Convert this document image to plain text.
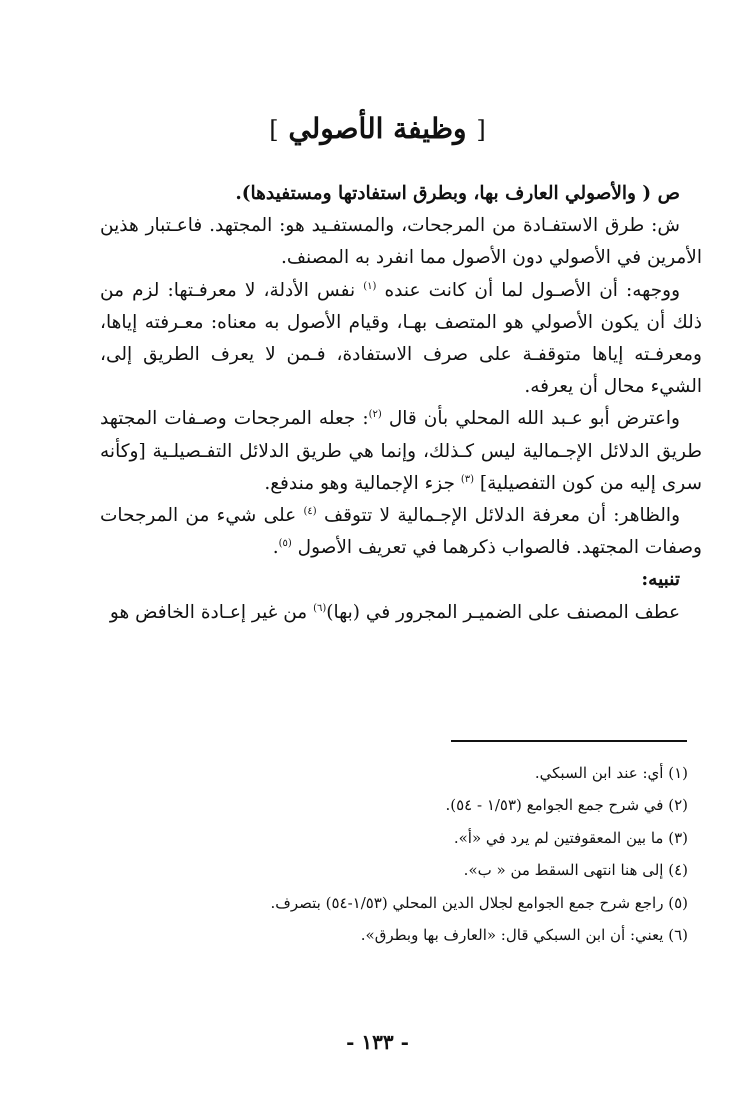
[ وظيفة الأصولي ]

ص ( والأصولي العارف بها، وبطرق استفادتها ومستفيدها).

ش: طرق الاستفـادة من المرجحات، والمستفـيد هو: المجتهد. فاعـتبار هذين الأمرين في الأصولي دون الأصول مما انفرد به المصنف.

ووجهه: أن الأصـول لما أن كانت عنده $^{(١)}$ نفس الأدلة، لا معرفـتها: لزم من ذلك أن يكون الأصولي هو المتصف بهـا، وقيام الأصول به معناه: معـرفته إياها، ومعرفـته إياها متوقفـة على صرف الاستفادة، فـمن لا يعرف الطريق إلى، الشيء محال أن يعرفه.

واعترض أبو عـبد الله المحلي بأن قال $^{(٢)}$: جعله المرجحات وصـفات المجتهد طريق الدلائل الإجـمالية ليس كـذلك، وإنما هي طريق الدلائل التفـصيلـية [وكأنه سرى إليه من كون التفصيلية] $^{(٣)}$ جزء الإجمالية وهو مندفع.

والظاهر: أن معرفة الدلائل الإجـمالية لا تتوقف $^{(٤)}$ على شيء من المرجحات وصفات المجتهد. فالصواب ذكرهما في تعريف الأصول $^{(٥)}$.

تنبيه:

عطف المصنف على الضميـر المجرور في (بها)$^{(٦)}$ من غير إعـادة الخافض هو

(١) أي: عند ابن السبكي.

(٢) في شرح جمع الجوامع (١/٥٣ - ٥٤).

(٣) ما بين المعقوفتين لم يرد في «أ».

(٤) إلى هنا انتهى السقط من « ب».

(٥) راجع شرح جمع الجوامع لجلال الدين المحلي (١/٥٣-٥٤) بتصرف.

(٦) يعني: أن ابن السبكي قال: «العارف بها وبطرق».

- ١٣٣ -
